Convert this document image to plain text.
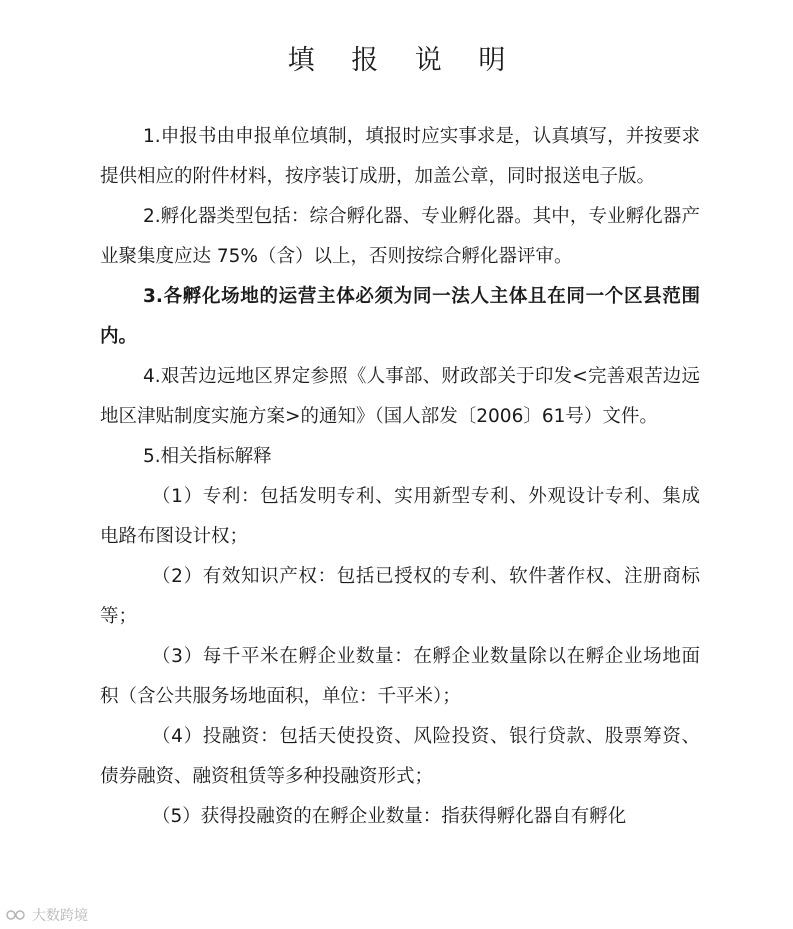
填 报 说 明

1.申报书由申报单位填制，填报时应实事求是，认真填写，并按要求提供相应的附件材料，按序装订成册，加盖公章，同时报送电子版。

2.孵化器类型包括：综合孵化器、专业孵化器。其中，专业孵化器产业聚集度应达 75%（含）以上，否则按综合孵化器评审。

3.各孵化场地的运营主体必须为同一法人主体且在同一个区县范围内。

4.艰苦边远地区界定参照《人事部、财政部关于印发<完善艰苦边远地区津贴制度实施方案>的通知》（国人部发〔2006〕61号）文件。

5.相关指标解释

（1）专利：包括发明专利、实用新型专利、外观设计专利、集成电路布图设计权；

（2）有效知识产权：包括已授权的专利、软件著作权、注册商标等；

（3）每千平米在孵企业数量：在孵企业数量除以在孵企业场地面积（含公共服务场地面积，单位：千平米）；

（4）投融资：包括天使投资、风险投资、银行贷款、股票筹资、债券融资、融资租赁等多种投融资形式；

（5）获得投融资的在孵企业数量：指获得孵化器自有孵化

大数跨境
